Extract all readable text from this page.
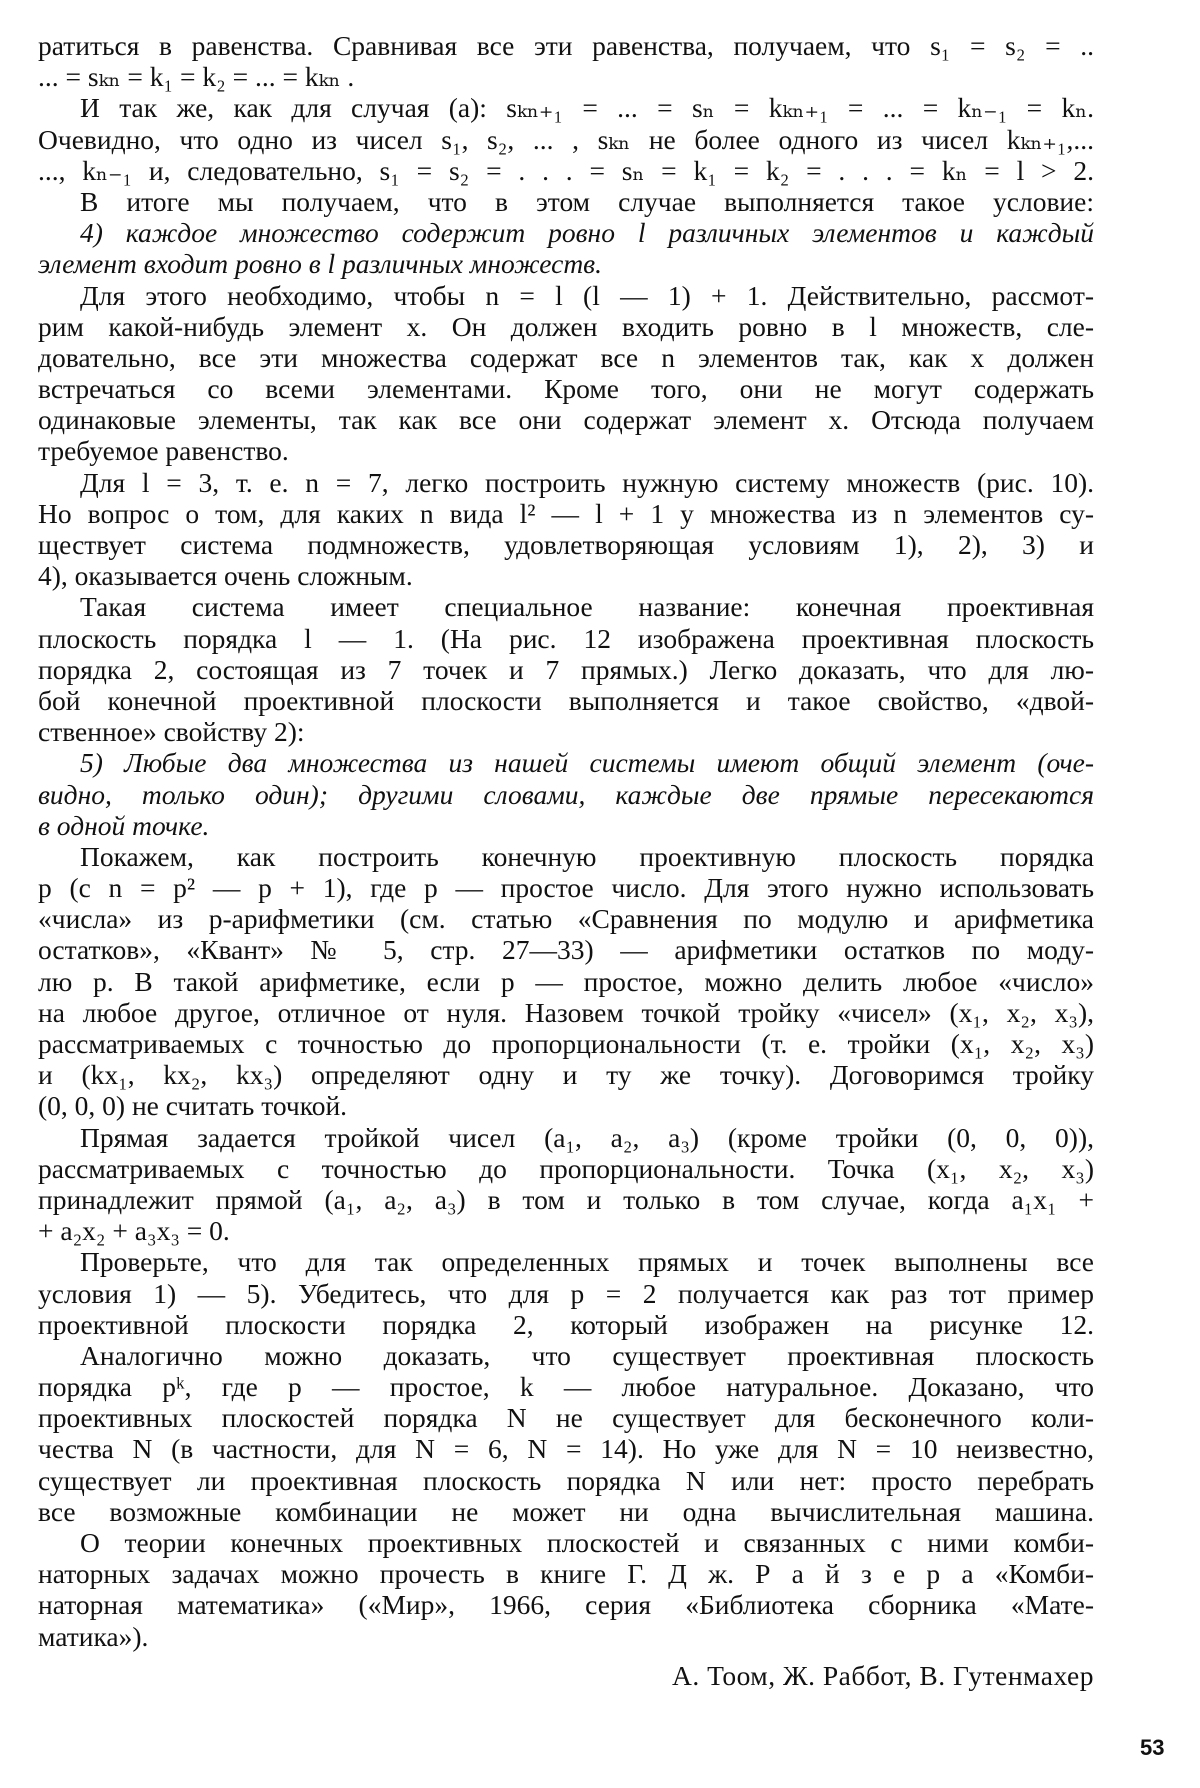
ратиться в равенства. Сравнивая все эти равенства, получаем, что s₁ = s₂ = ..
... = sₖₙ = k₁ = k₂ = ... = kₖₙ .
И так же, как для случая (а): sₖₙ₊₁ = ... = sₙ = kₖₙ₊₁ = ... = kₙ₋₁ = kₙ.
Очевидно, что одно из чисел s₁, s₂, ... , sₖₙ не более одного из чисел kₖₙ₊₁,...
..., kₙ₋₁ и, следовательно, s₁ = s₂ = . . . = sₙ = k₁ = k₂ = . . . = kₙ = l > 2.
В итоге мы получаем, что в этом случае выполняется такое условие:
4) каждое множество содержит ровно l различных элементов и каждый
элемент входит ровно в l различных множеств.
Для этого необходимо, чтобы n = l (l — 1) + 1. Действительно, рассмот-
рим какой-нибудь элемент x. Он должен входить ровно в l множеств, сле-
довательно, все эти множества содержат все n элементов так, как x должен
встречаться со всеми элементами. Кроме того, они не могут содержать
одинаковые элементы, так как все они содержат элемент x. Отсюда получаем
требуемое равенство.
Для l = 3, т. е. n = 7, легко построить нужную систему множеств (рис. 10).
Но вопрос о том, для каких n вида l² — l + 1 у множества из n элементов су-
ществует система подмножеств, удовлетворяющая условиям 1), 2), 3) и
4), оказывается очень сложным.
Такая система имеет специальное название: конечная проективная
плоскость порядка l — 1. (На рис. 12 изображена проективная плоскость
порядка 2, состоящая из 7 точек и 7 прямых.) Легко доказать, что для лю-
бой конечной проективной плоскости выполняется и такое свойство, «двой-
ственное» свойству 2):
5) Любые два множества из нашей системы имеют общий элемент (оче-
видно, только один); другими словами, каждые две прямые пересекаются
в одной точке.
Покажем, как построить конечную проективную плоскость порядка
p (с n = p² — p + 1), где p — простое число. Для этого нужно использовать
«числа» из p-арифметики (см. статью «Сравнения по модулю и арифметика
остатков», «Квант» № 5, стр. 27—33) — арифметики остатков по моду-
лю p. В такой арифметике, если p — простое, можно делить любое «число»
на любое другое, отличное от нуля. Назовем точкой тройку «чисел» (x₁, x₂, x₃),
рассматриваемых с точностью до пропорциональности (т. е. тройки (x₁, x₂, x₃)
и (kx₁, kx₂, kx₃) определяют одну и ту же точку). Договоримся тройку
(0, 0, 0) не считать точкой.
Прямая задается тройкой чисел (a₁, a₂, a₃) (кроме тройки (0, 0, 0)),
рассматриваемых с точностью до пропорциональности. Точка (x₁, x₂, x₃)
принадлежит прямой (a₁, a₂, a₃) в том и только в том случае, когда a₁x₁ +
+ a₂x₂ + a₃x₃ = 0.
Проверьте, что для так определенных прямых и точек выполнены все
условия 1) — 5). Убедитесь, что для p = 2 получается как раз тот пример
проективной плоскости порядка 2, который изображен на рисунке 12.
Аналогично можно доказать, что существует проективная плоскость
порядка pᵏ, где p — простое, k — любое натуральное. Доказано, что
проективных плоскостей порядка N не существует для бесконечного коли-
чества N (в частности, для N = 6, N = 14). Но уже для N = 10 неизвестно,
существует ли проективная плоскость порядка N или нет: просто перебрать
все возможные комбинации не может ни одна вычислительная машина.
О теории конечных проективных плоскостей и связанных с ними комби-
наторных задачах можно прочесть в книге Г. Д ж. Р а й з е р а «Комби-
наторная математика» («Мир», 1966, серия «Библиотека сборника «Мате-
матика»).
А. Тоом, Ж. Раббот, В. Гутенмахер
53
